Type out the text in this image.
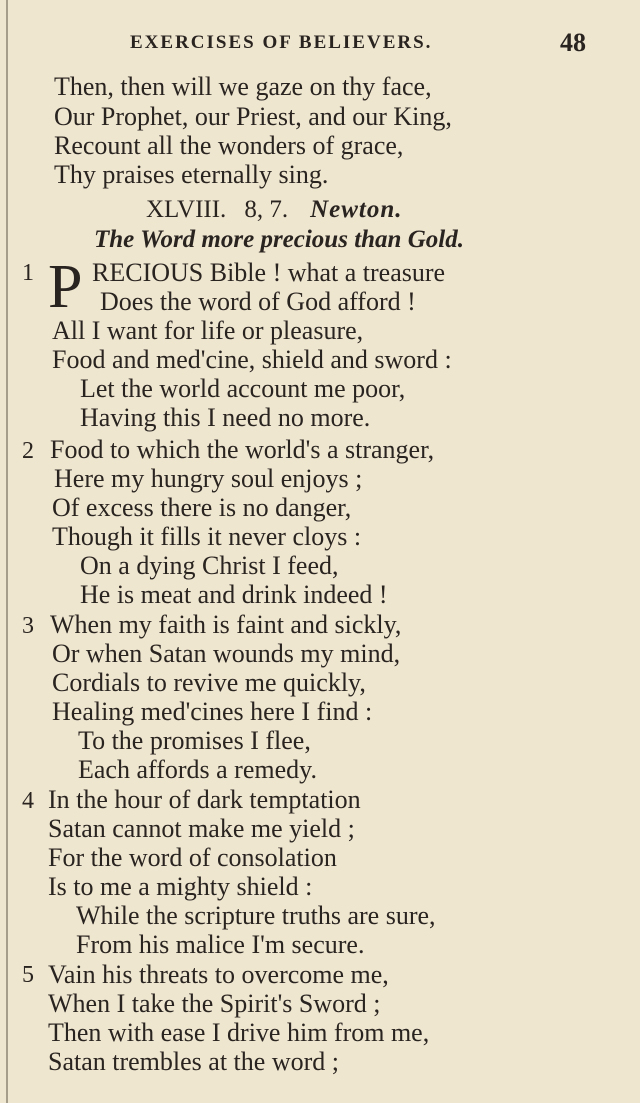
EXERCISES OF BELIEVERS.	48
Then, then will we gaze on thy face,
Our Prophet, our Priest, and our King,
Recount all the wonders of grace,
Thy praises eternally sing.
XLVIII. 8, 7. Newton.
The Word more precious than Gold.
1 P RECIOUS Bible ! what a treasure
Does the word of God afford !
All I want for life or pleasure,
Food and med'cine, shield and sword :
Let the world account me poor,
Having this I need no more.
2 Food to which the world's a stranger,
Here my hungry soul enjoys ;
Of excess there is no danger,
Though it fills it never cloys :
On a dying Christ I feed,
He is meat and drink indeed !
3 When my faith is faint and sickly,
Or when Satan wounds my mind,
Cordials to revive me quickly,
Healing med'cines here I find :
To the promises I flee,
Each affords a remedy.
4 In the hour of dark temptation
Satan cannot make me yield ;
For the word of consolation
Is to me a mighty shield :
While the scripture truths are sure,
From his malice I'm secure.
5 Vain his threats to overcome me,
When I take the Spirit's Sword ;
Then with ease I drive him from me,
Satan trembles at the word ;
